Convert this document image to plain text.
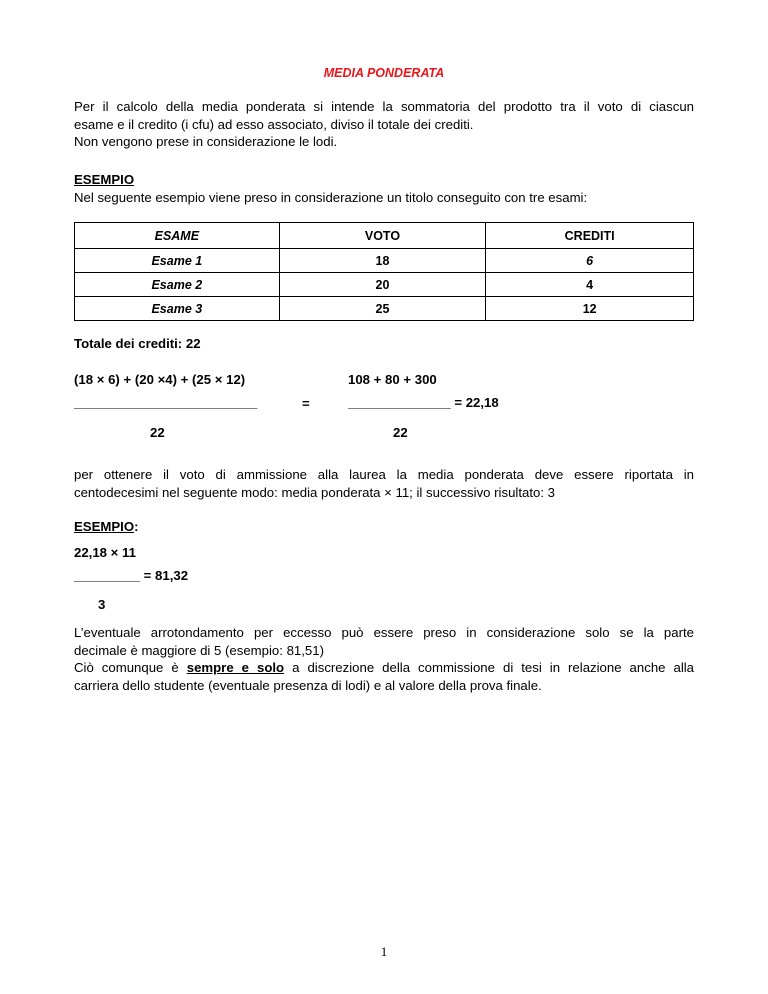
MEDIA PONDERATA
Per il calcolo della media ponderata si intende la sommatoria del prodotto tra il voto di ciascun
esame e il credito (i cfu) ad esso associato, diviso il totale dei crediti.
Non vengono prese in considerazione le lodi.
ESEMPIO
Nel seguente esempio viene preso in considerazione un titolo conseguito con tre esami:
ESAME	VOTO	CREDITI
Esame 1	18	6
Esame 2	20	4
Esame 3	25	12
Totale dei crediti: 22
(18 × 6) + (20 ×4) + (25 × 12)	108 + 80 + 300
_________________________	=	______________ = 22,18
22	22
per ottenere il voto di ammissione alla laurea la media ponderata deve essere riportata in
centodecesimi nel seguente modo: media ponderata × 11; il successivo risultato: 3
ESEMPIO:
22,18 × 11
_________ = 81,32
3
L’eventuale arrotondamento per eccesso può essere preso in considerazione solo se la parte
decimale è maggiore di 5 (esempio: 81,51)
Ciò comunque è sempre e solo a discrezione della commissione di tesi in relazione anche alla
carriera dello studente (eventuale presenza di lodi) e al valore della prova finale.
1
